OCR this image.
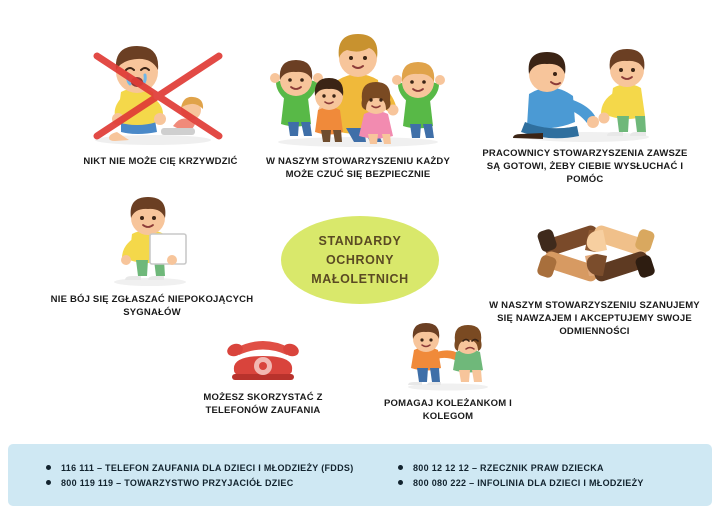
NIKT NIE MOŻE CIĘ KRZYWDZIĆ	W NASZYM STOWARZYSZENIU KAŻDY MOŻE CZUĆ SIĘ BEZPIECZNIE
PRACOWNICY STOWARZYSZENIA ZAWSZE SĄ GOTOWI, ŻEBY CIEBIE WYSŁUCHAĆ I POMÓC
NIE BÓJ SIĘ ZGŁASZAĆ NIEPOKOJĄCYCH SYGNAŁÓW
W NASZYM STOWARZYSZENIU SZANUJEMY SIĘ NAWZAJEM I AKCEPTUJEMY SWOJE ODMIENNOŚCI
MOŻESZ SKORZYSTAĆ Z TELEFONÓW ZAUFANIA
POMAGAJ KOLEŻANKOM I KOLEGOM
STANDARDY
OCHRONY
MAŁOLETNICH
116 111 – TELEFON ZAUFANIA DLA DZIECI I MŁODZIEŻY (FDDS)
800 119 119 – TOWARZYSTWO PRZYJACIÓŁ DZIEC
800 12 12 12 – RZECZNIK PRAW DZIECKA
800 080 222 – INFOLINIA DLA DZIECI I MŁODZIEŻY
